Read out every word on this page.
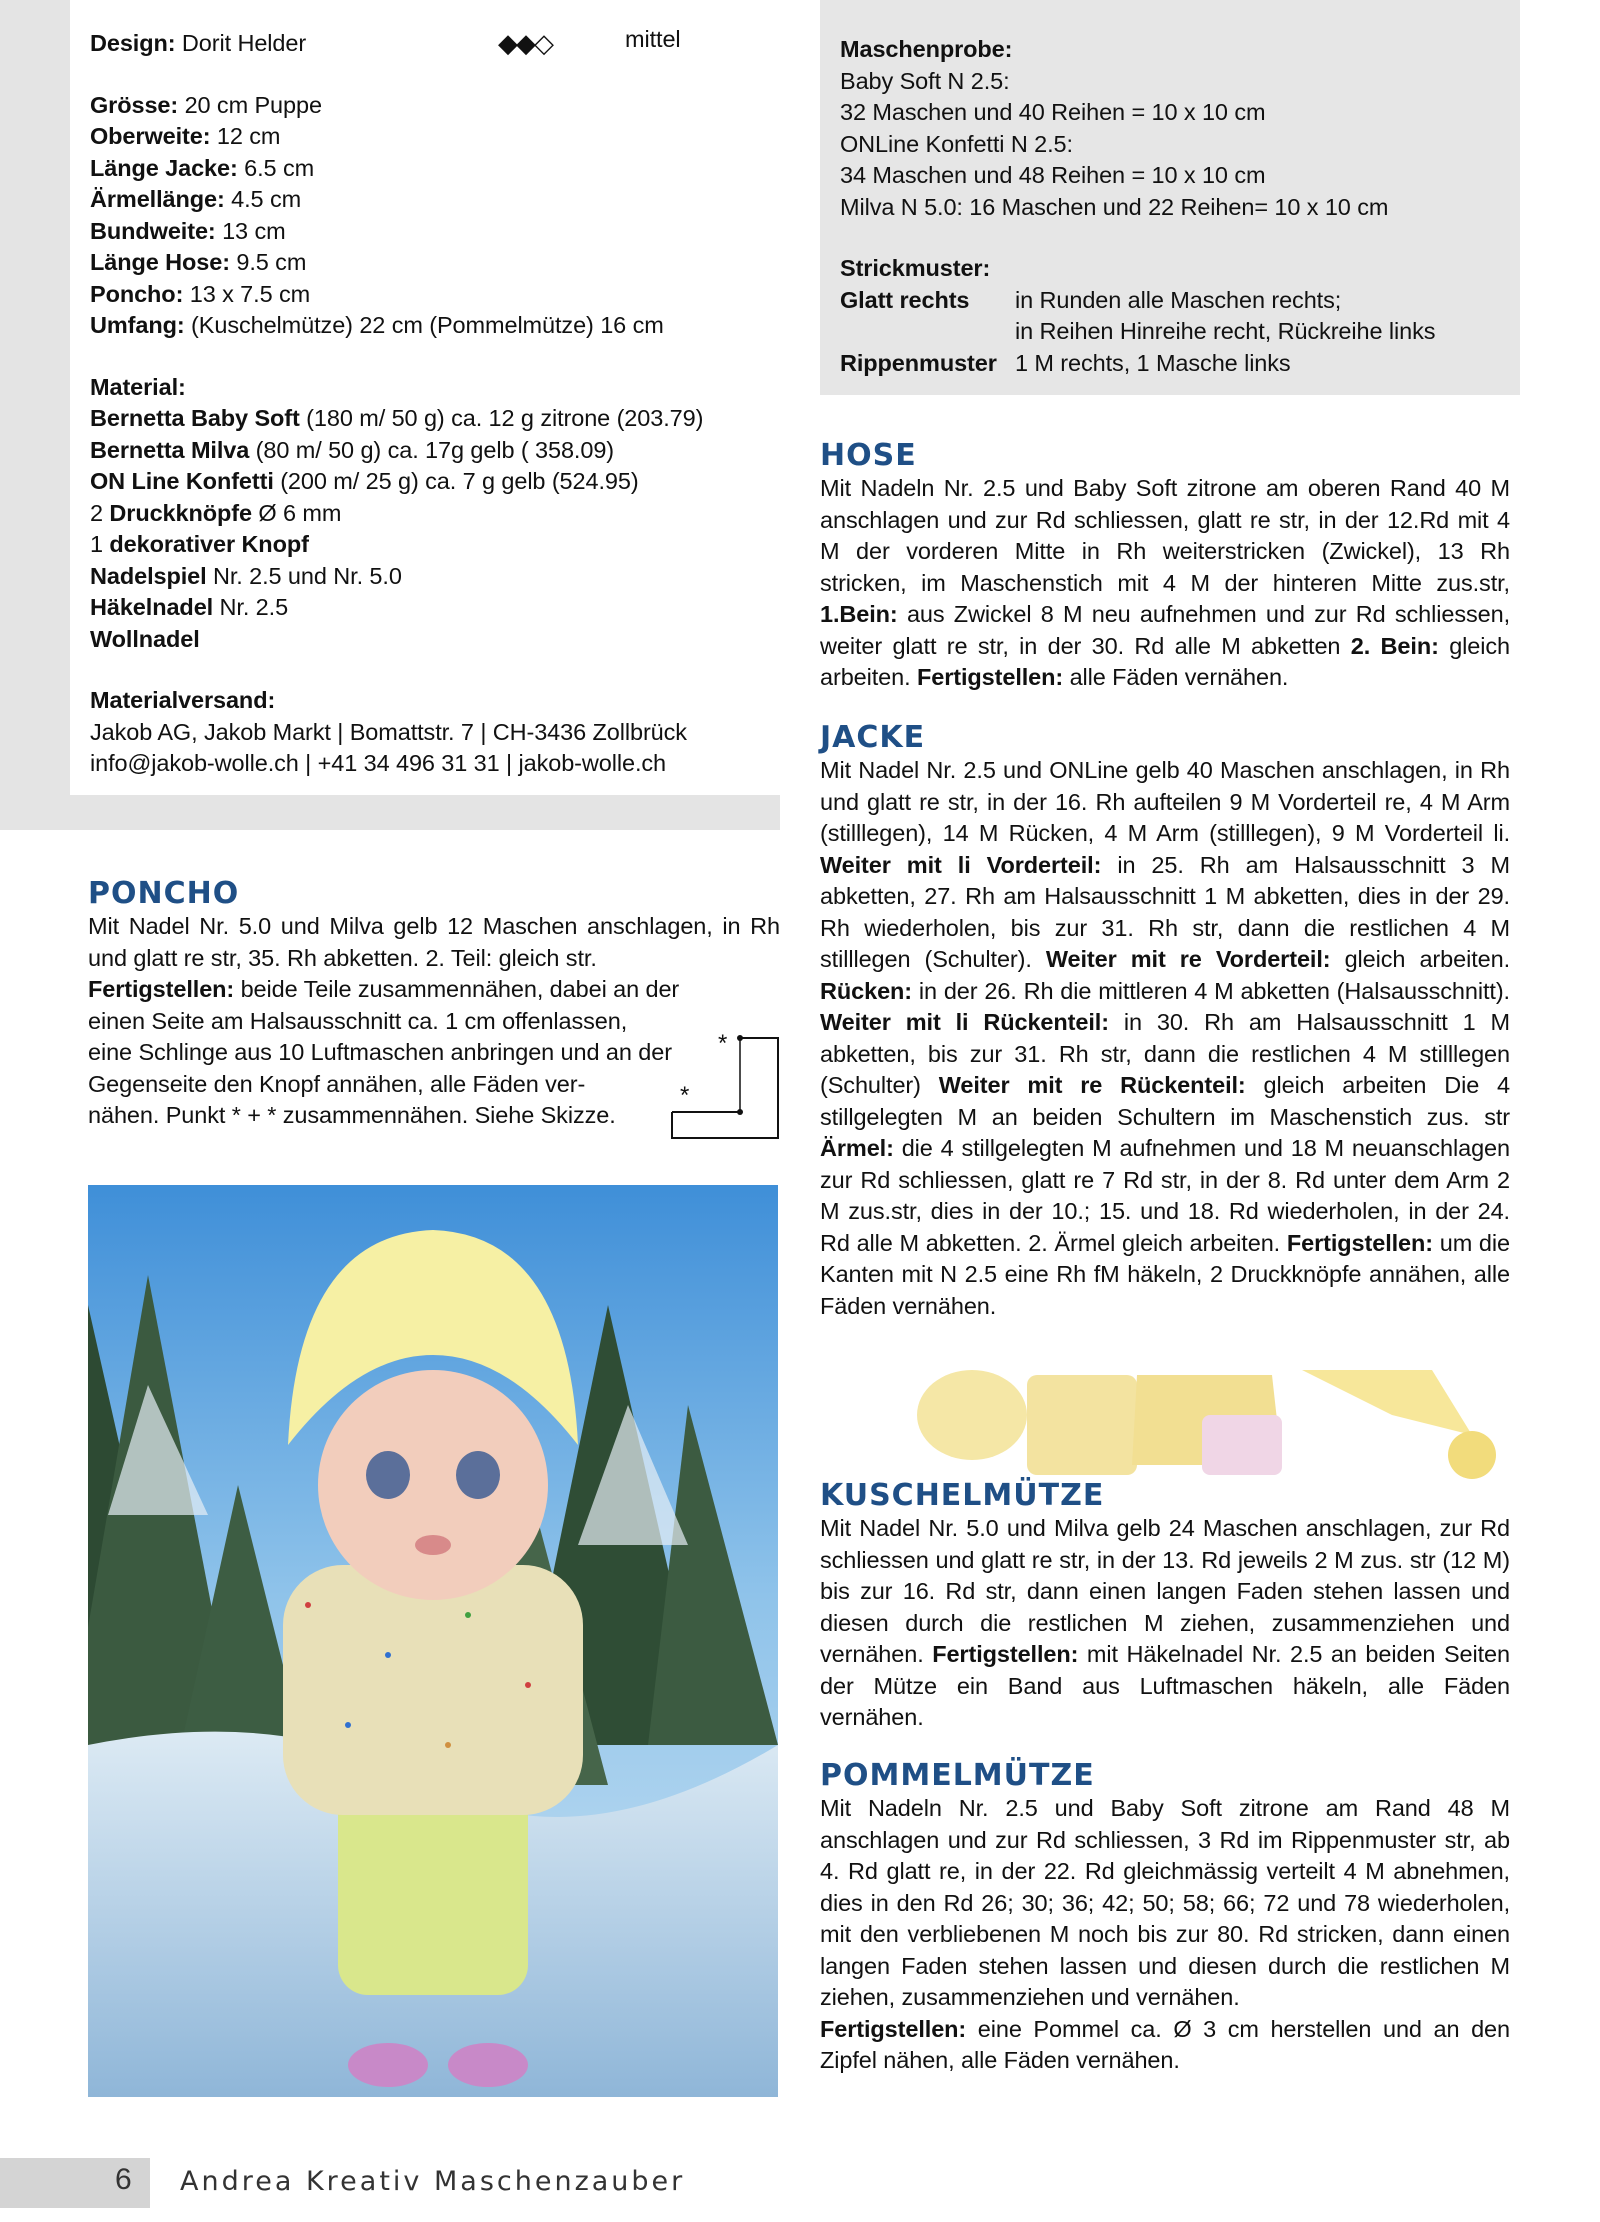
Design: Dorit Helder	◆◆◇	mittel
Grösse: 20 cm Puppe
Oberweite: 12 cm
Länge Jacke: 6.5 cm
Ärmellänge: 4.5 cm
Bundweite: 13 cm
Länge Hose: 9.5 cm
Poncho: 13 x 7.5 cm
Umfang: (Kuschelmütze) 22 cm (Pommelmütze) 16 cm
Material:
Bernetta Baby Soft (180 m/ 50 g) ca. 12 g zitrone (203.79)
Bernetta Milva (80 m/ 50 g) ca. 17g gelb ( 358.09)
ON Line Konfetti (200 m/ 25 g) ca. 7 g gelb (524.95)
2 Druckknöpfe Ø 6 mm
1 dekorativer Knopf
Nadelspiel Nr. 2.5 und Nr. 5.0
Häkelnadel Nr. 2.5
Wollnadel
Materialversand:
Jakob AG, Jakob Markt | Bomattstr. 7 | CH-3436 Zollbrück
info@jakob-wolle.ch | +41 34 496 31 31 | jakob-wolle.ch
Maschenprobe:
Baby Soft N 2.5:
32 Maschen und 40 Reihen = 10 x 10 cm
ONLine Konfetti N 2.5:
34 Maschen und 48 Reihen = 10 x 10 cm
Milva N 5.0: 16 Maschen und 22 Reihen= 10 x 10 cm
Strickmuster:
Glatt rechts in Runden alle Maschen rechts;
in Reihen Hinreihe recht, Rückreihe links
Rippenmuster 1 M rechts, 1 Masche links
PONCHO
Mit Nadel Nr. 5.0 und Milva gelb 12 Maschen anschlagen, in Rh und glatt re str, 35. Rh abketten. 2. Teil: gleich str.
Fertigstellen: beide Teile zusammennähen, dabei an der
einen Seite am Halsausschnitt ca. 1 cm offenlassen,
eine Schlinge aus 10 Luftmaschen anbringen und an der
Gegenseite den Knopf annähen, alle Fäden ver-
nähen. Punkt * + * zusammennähen. Siehe Skizze.
*
*
HOSE
Mit Nadeln Nr. 2.5 und Baby Soft zitrone am oberen Rand 40 M anschlagen und zur Rd schliessen, glatt re str, in der 12.Rd mit 4 M der vorderen Mitte in Rh weiterstricken (Zwickel), 13 Rh stricken, im Maschenstich mit 4 M der hinteren Mitte zus.str, 1.Bein: aus Zwickel 8 M neu aufnehmen und zur Rd schliessen, weiter glatt re str, in der 30. Rd alle M abketten 2. Bein: gleich arbeiten. Fertigstellen: alle Fäden vernähen.
JACKE
Mit Nadel Nr. 2.5 und ONLine gelb 40 Maschen anschlagen, in Rh und glatt re str, in der 16. Rh aufteilen 9 M Vorderteil re, 4 M Arm (stilllegen), 14 M Rücken, 4 M Arm (stilllegen), 9 M Vorderteil li. Weiter mit li Vorderteil: in 25. Rh am Halsausschnitt 3 M abketten, 27. Rh am Halsausschnitt 1 M abketten, dies in der 29. Rh wiederholen, bis zur 31. Rh str, dann die restlichen 4 M stilllegen (Schulter). Weiter mit re Vorderteil: gleich arbeiten. Rücken: in der 26. Rh die mittleren 4 M abketten (Halsausschnitt). Weiter mit li Rückenteil: in 30. Rh am Halsausschnitt 1 M abketten, bis zur 31. Rh str, dann die restlichen 4 M stilllegen (Schulter) Weiter mit re Rückenteil: gleich arbeiten Die 4 stillgelegten M an beiden Schultern im Maschenstich zus. str Ärmel: die 4 stillgelegten M aufnehmen und 18 M neuanschlagen zur Rd schliessen, glatt re 7 Rd str, in der 8. Rd unter dem Arm 2 M zus.str, dies in der 10.; 15. und 18. Rd wiederholen, in der 24. Rd alle M abketten. 2. Ärmel gleich arbeiten. Fertigstellen: um die Kanten mit N 2.5 eine Rh fM häkeln, 2 Druckknöpfe annähen, alle Fäden vernähen.
KUSCHELMÜTZE
Mit Nadel Nr. 5.0 und Milva gelb 24 Maschen anschlagen, zur Rd schliessen und glatt re str, in der 13. Rd jeweils 2 M zus. str (12 M) bis zur 16. Rd str, dann einen langen Faden stehen lassen und diesen durch die restlichen M ziehen, zusammenziehen und vernähen. Fertigstellen: mit Häkelnadel Nr. 2.5 an beiden Seiten der Mütze ein Band aus Luftmaschen häkeln, alle Fäden vernähen.
POMMELMÜTZE
Mit Nadeln Nr. 2.5 und Baby Soft zitrone am Rand 48 M anschlagen und zur Rd schliessen, 3 Rd im Rippenmuster str, ab 4. Rd glatt re, in der 22. Rd gleichmässig verteilt 4 M abnehmen, dies in den Rd 26; 30; 36; 42; 50; 58; 66; 72 und 78 wiederholen, mit den verbliebenen M noch bis zur 80. Rd stricken, dann einen langen Faden stehen lassen und diesen durch die restlichen M ziehen, zusammenziehen und vernähen.
Fertigstellen: eine Pommel ca. Ø 3 cm herstellen und an den Zipfel nähen, alle Fäden vernähen.
6 Andrea Kreativ Maschenzauber
